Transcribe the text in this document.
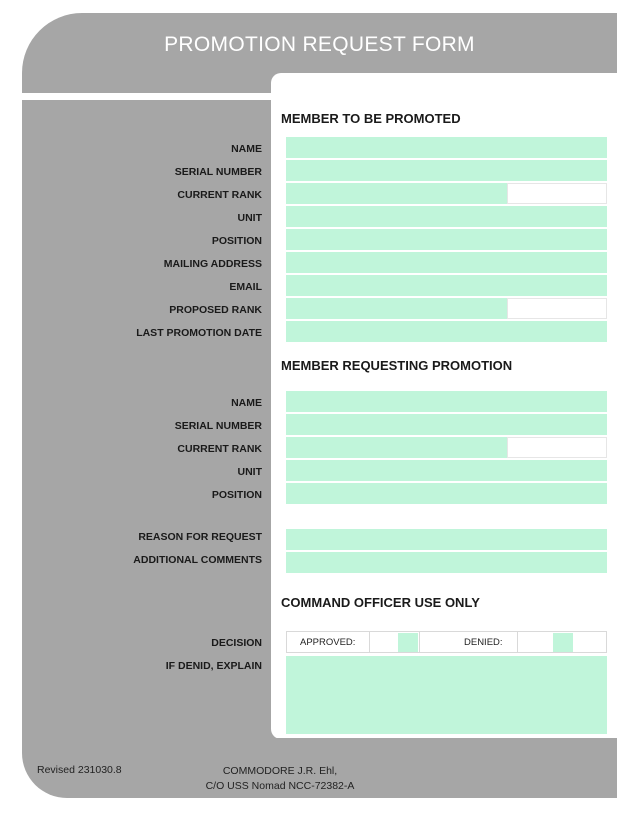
PROMOTION REQUEST FORM
MEMBER TO BE PROMOTED
NAME
SERIAL NUMBER
CURRENT RANK
UNIT
POSITION
MAILING ADDRESS
EMAIL
PROPOSED RANK
LAST PROMOTION DATE
MEMBER REQUESTING PROMOTION
NAME
SERIAL NUMBER
CURRENT RANK
UNIT
POSITION
REASON FOR REQUEST
ADDITIONAL COMMENTS
COMMAND OFFICER USE ONLY
DECISION	APPROVED:	DENIED:
IF DENID, EXPLAIN
Revised 231030.8	COMMODORE J.R. Ehl,
C/O USS Nomad NCC-72382-A
